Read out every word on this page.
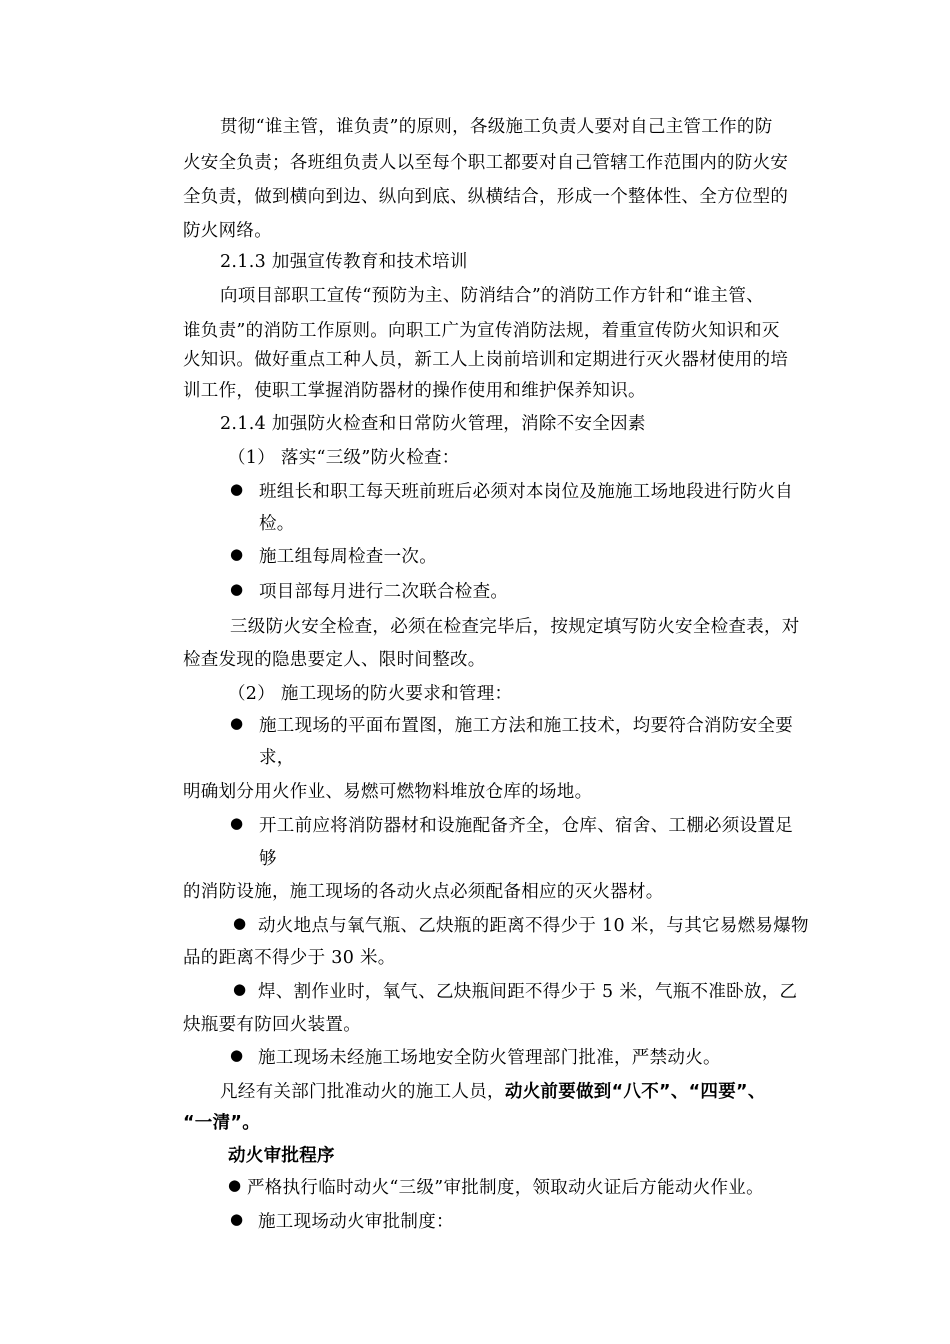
贯彻“谁主管，谁负责”的原则，各级施工负责人要对自己主管工作的防
火安全负责；各班组负责人以至每个职工都要对自己管辖工作范围内的防火安
全负责，做到横向到边、纵向到底、纵横结合，形成一个整体性、全方位型的
防火网络。
2.1.3 加强宣传教育和技术培训
向项目部职工宣传“预防为主、防消结合”的消防工作方针和“谁主管、
谁负责”的消防工作原则。向职工广为宣传消防法规，着重宣传防火知识和灭
火知识。做好重点工种人员，新工人上岗前培训和定期进行灭火器材使用的培
训工作，使职工掌握消防器材的操作使用和维护保养知识。
2.1.4 加强防火检查和日常防火管理，消除不安全因素
（1） 落实“三级”防火检查：
● 班组长和职工每天班前班后必须对本岗位及施施工场地段进行防火自
检。
● 施工组每周检查一次。
● 项目部每月进行二次联合检查。
三级防火安全检查，必须在检查完毕后，按规定填写防火安全检查表，对
检查发现的隐患要定人、限时间整改。
（2） 施工现场的防火要求和管理：
● 施工现场的平面布置图，施工方法和施工技术，均要符合消防安全要
求，
明确划分用火作业、易燃可燃物料堆放仓库的场地。
● 开工前应将消防器材和设施配备齐全，仓库、宿舍、工棚必须设置足
够
的消防设施，施工现场的各动火点必须配备相应的灭火器材。
● 动火地点与氧气瓶、乙炔瓶的距离不得少于 10 米，与其它易燃易爆物
品的距离不得少于 30 米。
● 焊、割作业时，氧气、乙炔瓶间距不得少于 5 米，气瓶不准卧放，乙
炔瓶要有防回火装置。
● 施工现场未经施工场地安全防火管理部门批准，严禁动火。
凡经有关部门批准动火的施工人员，动火前要做到“八不”、“四要”、
“一清”。
动火审批程序
● 严格执行临时动火“三级”审批制度，领取动火证后方能动火作业。
● 施工现场动火审批制度：
